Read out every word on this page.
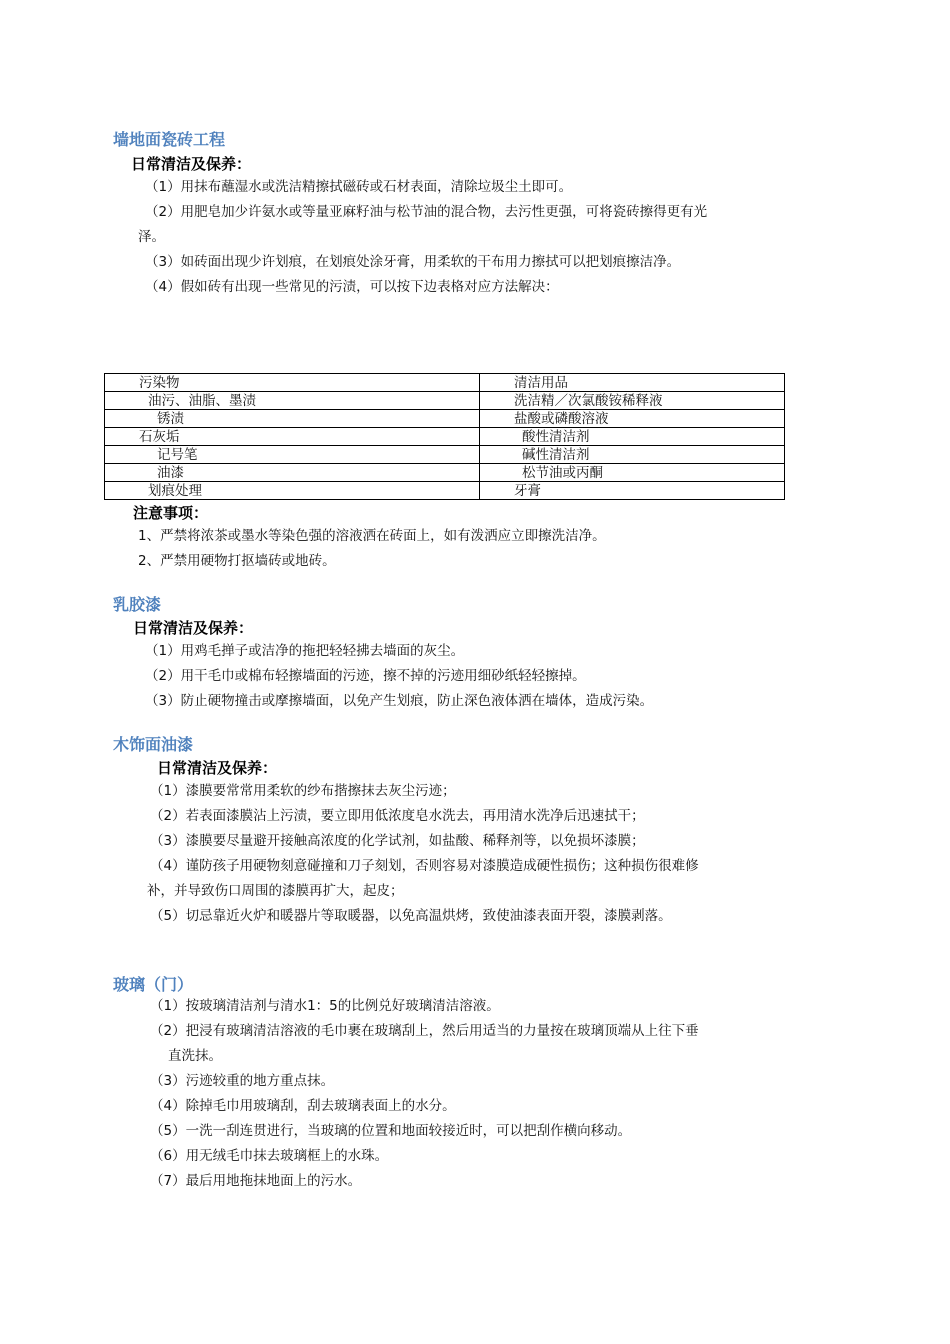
墙地面瓷砖工程
日常清洁及保养：
（1）用抹布蘸湿水或洗洁精擦拭磁砖或石材表面，清除垃圾尘土即可。
（2）用肥皂加少许氨水或等量亚麻籽油与松节油的混合物，去污性更强，可将瓷砖擦得更有光
泽。
（3）如砖面出现少许划痕，在划痕处涂牙膏，用柔软的干布用力擦拭可以把划痕擦洁净。
（4）假如砖有出现一些常见的污渍，可以按下边表格对应方法解决：
污染物	清洁用品
油污、油脂、墨渍	洗洁精／次氯酸铵稀释液
锈渍	盐酸或磷酸溶液
石灰垢	酸性清洁剂
记号笔	碱性清洁剂
油漆	松节油或丙酮
划痕处理	牙膏
注意事项：
1、严禁将浓茶或墨水等染色强的溶液洒在砖面上，如有泼洒应立即擦洗洁净。
2、严禁用硬物打抠墙砖或地砖。
乳胶漆
日常清洁及保养：
（1）用鸡毛掸子或洁净的拖把轻轻拂去墙面的灰尘。
（2）用干毛巾或棉布轻擦墙面的污迹，擦不掉的污迹用细砂纸轻轻擦掉。
（3）防止硬物撞击或摩擦墙面，以免产生划痕，防止深色液体洒在墙体，造成污染。
木饰面油漆
日常清洁及保养：
（1）漆膜要常常用柔软的纱布揩擦抹去灰尘污迹；
（2）若表面漆膜沾上污渍，要立即用低浓度皂水洗去，再用清水洗净后迅速拭干；
（3）漆膜要尽量避开接触高浓度的化学试剂，如盐酸、稀释剂等，以免损坏漆膜；
（4）谨防孩子用硬物刻意碰撞和刀子刻划，否则容易对漆膜造成硬性损伤；这种损伤很难修
补，并导致伤口周围的漆膜再扩大，起皮；
（5）切忌靠近火炉和暖器片等取暖器，以免高温烘烤，致使油漆表面开裂，漆膜剥落。
玻璃（门）
（1）按玻璃清洁剂与清水1：5的比例兑好玻璃清洁溶液。
（2）把浸有玻璃清洁溶液的毛巾裹在玻璃刮上，然后用适当的力量按在玻璃顶端从上往下垂
直洗抹。
（3）污迹较重的地方重点抹。
（4）除掉毛巾用玻璃刮，刮去玻璃表面上的水分。
（5）一洗一刮连贯进行，当玻璃的位置和地面较接近时，可以把刮作横向移动。
（6）用无绒毛巾抹去玻璃框上的水珠。
（7）最后用地拖抹地面上的污水。
